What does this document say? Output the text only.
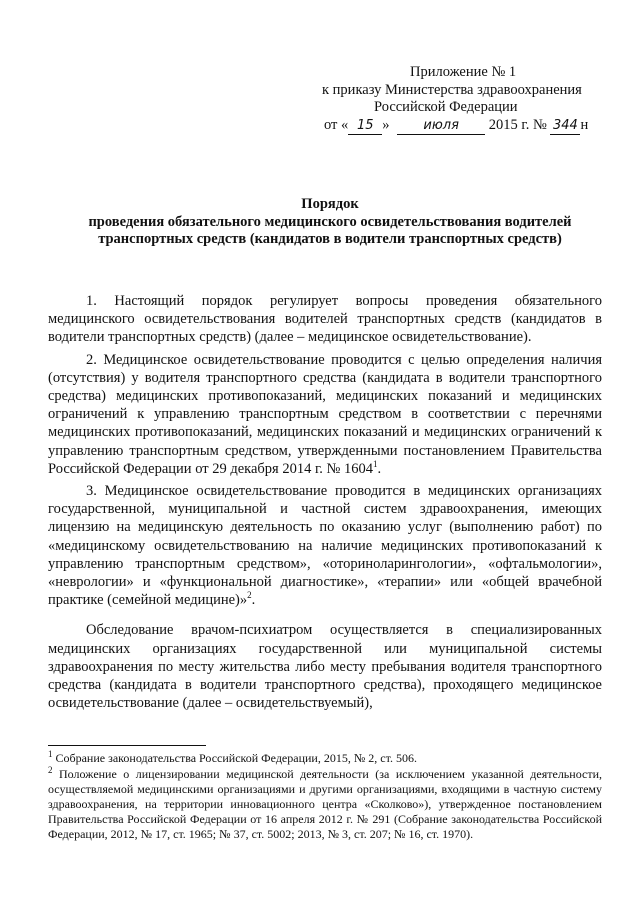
Приложение № 1
к приказу Министерства здравоохранения
Российской Федерации
от « 15 »	июля 2015 г. № 344 н
Порядок
проведения обязательного медицинского освидетельствования водителей транспортных средств (кандидатов в водители транспортных средств)

1. Настоящий порядок регулирует вопросы проведения обязательного медицинского освидетельствования водителей транспортных средств (кандидатов в водители транспортных средств) (далее – медицинское освидетельствование).

2. Медицинское освидетельствование проводится с целью определения наличия (отсутствия) у водителя транспортного средства (кандидата в водители транспортного средства) медицинских противопоказаний, медицинских показаний и медицинских ограничений к управлению транспортным средством в соответствии с перечнями медицинских противопоказаний, медицинских показаний и медицинских ограничений к управлению транспортным средством, утвержденными постановлением Правительства Российской Федерации от 29 декабря 2014 г. № 1604$^1$.

3. Медицинское освидетельствование проводится в медицинских организациях государственной, муниципальной и частной систем здравоохранения, имеющих лицензию на медицинскую деятельность по оказанию услуг (выполнению работ) по «медицинскому освидетельствованию на наличие медицинских противопоказаний к управлению транспортным средством», «оториноларингологии», «офтальмологии», «неврологии» и «функциональной диагностике», «терапии» или «общей врачебной практике (семейной медицине)»$^2$.

Обследование врачом-психиатром осуществляется в специализированных медицинских организациях государственной или муниципальной системы здравоохранения по месту жительства либо месту пребывания водителя транспортного средства (кандидата в водители транспортного средства), проходящего медицинское освидетельствование (далее – освидетельствуемый),

$^1$ Собрание законодательства Российской Федерации, 2015, № 2, ст. 506.

$^2$ Положение о лицензировании медицинской деятельности (за исключением указанной деятельности, осуществляемой медицинскими организациями и другими организациями, входящими в частную систему здравоохранения, на территории инновационного центра «Сколково»), утвержденное постановлением Правительства Российской Федерации от 16 апреля 2012 г. № 291 (Собрание законодательства Российской Федерации, 2012, № 17, ст. 1965; № 37, ст. 5002; 2013, № 3, ст. 207; № 16, ст. 1970).
